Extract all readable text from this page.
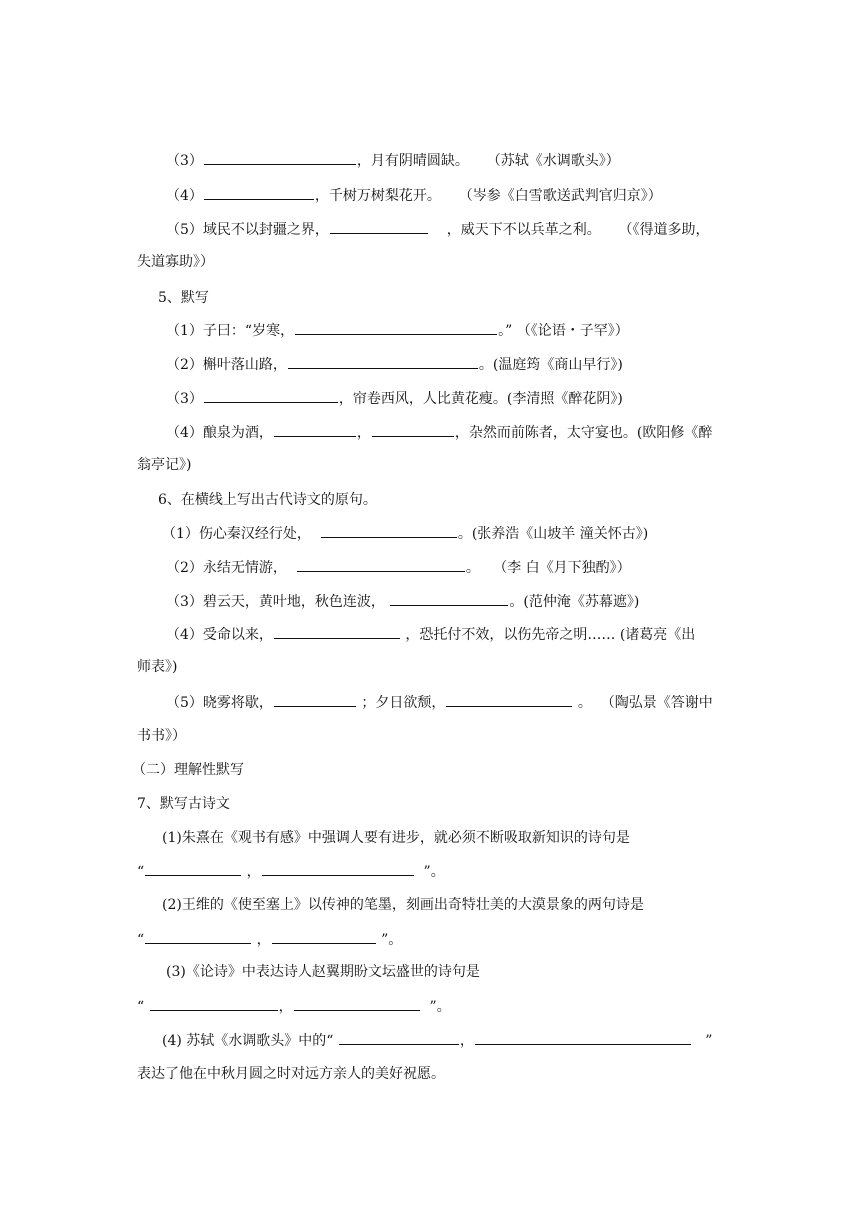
（3）	，月有阴晴圆缺。 （苏轼《水调歌头》）
（4）	，千树万树梨花开。 （岑参《白雪歌送武判官归京》）
（5）域民不以封疆之界，	，威天下不以兵革之利。 （《得道多助，
失道寡助》）
5、默写
（1）子曰：“岁寒，	。” （《论语・子罕》）
（2）槲叶落山路，	。(温庭筠《商山早行》)
（3）	，帘卷西风，人比黄花瘦。(李清照《醉花阴》)
（4）酿泉为酒，	，	，杂然而前陈者，太守宴也。(欧阳修《醉
翁亭记》)
6、在横线上写出古代诗文的原句。
（1）伤心秦汉经行处，	。(张养浩《山坡羊 潼关怀古》)
（2）永结无情游，	。 （李 白《月下独酌》）
（3）碧云天，黄叶地，秋色连波，	。(范仲淹《苏幕遮》)
（4）受命以来，	，恐托付不效，以伤先帝之明…… (诸葛亮《出
师表》)
（5）晓雾将歇，	；夕日欲颓，	。 （陶弘景《答谢中
书书》）
（二）理解性默写
7、默写古诗文
(1)朱熹在《观书有感》中强调人要有进步，就必须不断吸取新知识的诗句是
“	，	”。
(2)王维的《使至塞上》以传神的笔墨，刻画出奇特壮美的大漠景象的两句诗是
“	，	”。
(3)《论诗》中表达诗人赵翼期盼文坛盛世的诗句是
“	，	”。
(4) 苏轼《水调歌头》中的“	，	”
表达了他在中秋月圆之时对远方亲人的美好祝愿。
